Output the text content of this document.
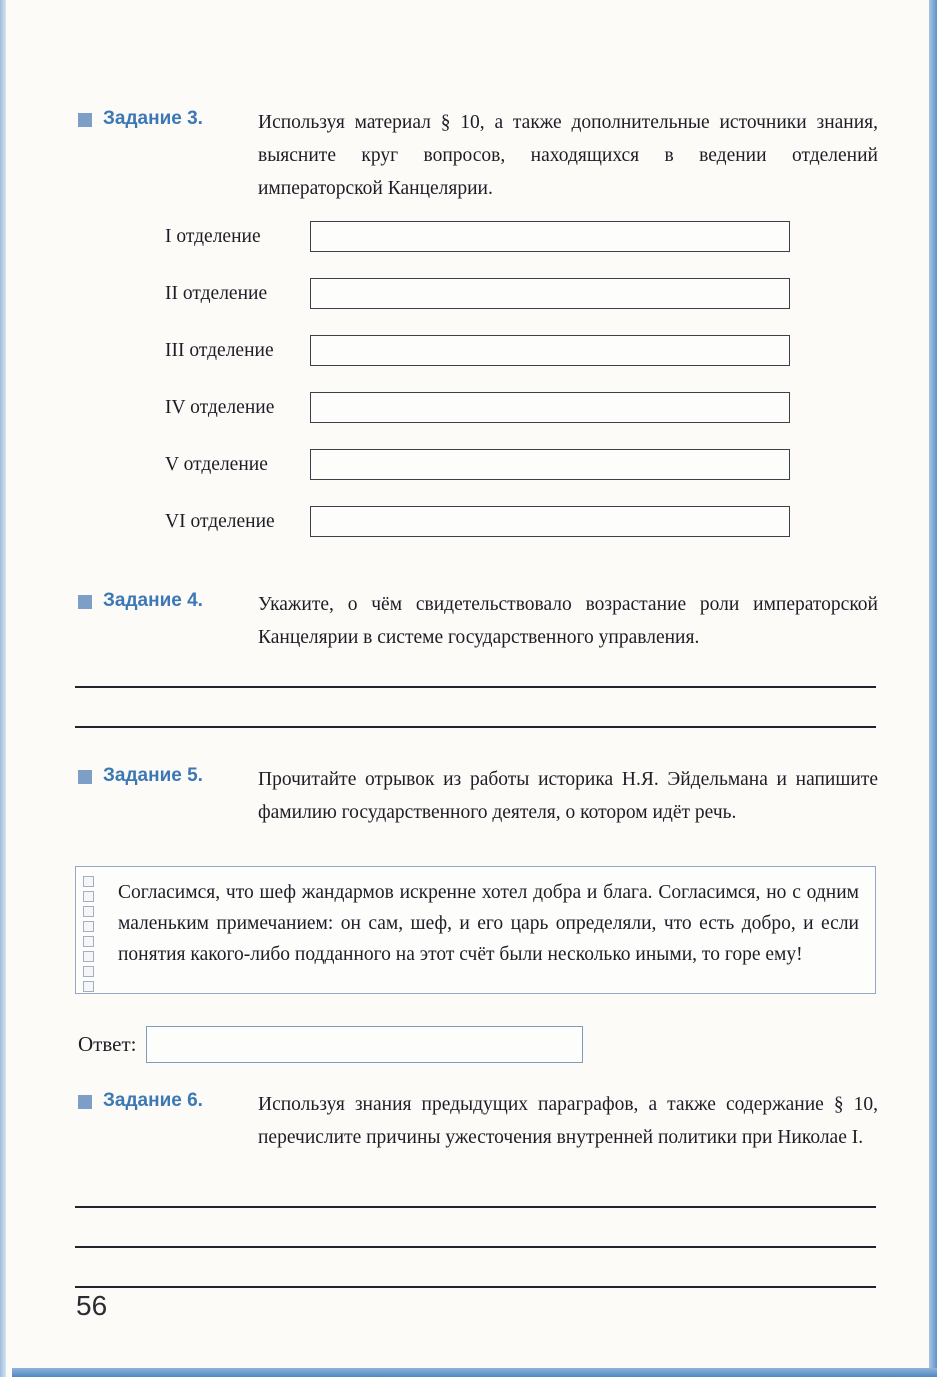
Задание 3.	Используя материал § 10, а также дополнительные источники знания, выясните круг вопросов, находящихся в ведении отделений императорской Канцелярии.

I отделение
II отделение
III отделение
IV отделение
V отделение
VI отделение
Задание 4.	Укажите, о чём свидетельствовало возрастание роли императорской Канцелярии в системе государственного управления.

Задание 5.	Прочитайте отрывок из работы историка Н.Я. Эйдельмана и напишите фамилию государственного деятеля, о котором идёт речь.

Согласимся, что шеф жандармов искренне хотел добра и блага. Согласимся, но с одним маленьким примечанием: он сам, шеф, и его царь определяли, что есть добро, и если понятия какого-либо подданного на этот счёт были несколько иными, то горе ему!
Ответ:
Задание 6.	Используя знания предыдущих параграфов, а также содержание § 10, перечислите причины ужесточения внутренней политики при Николае I.

56
